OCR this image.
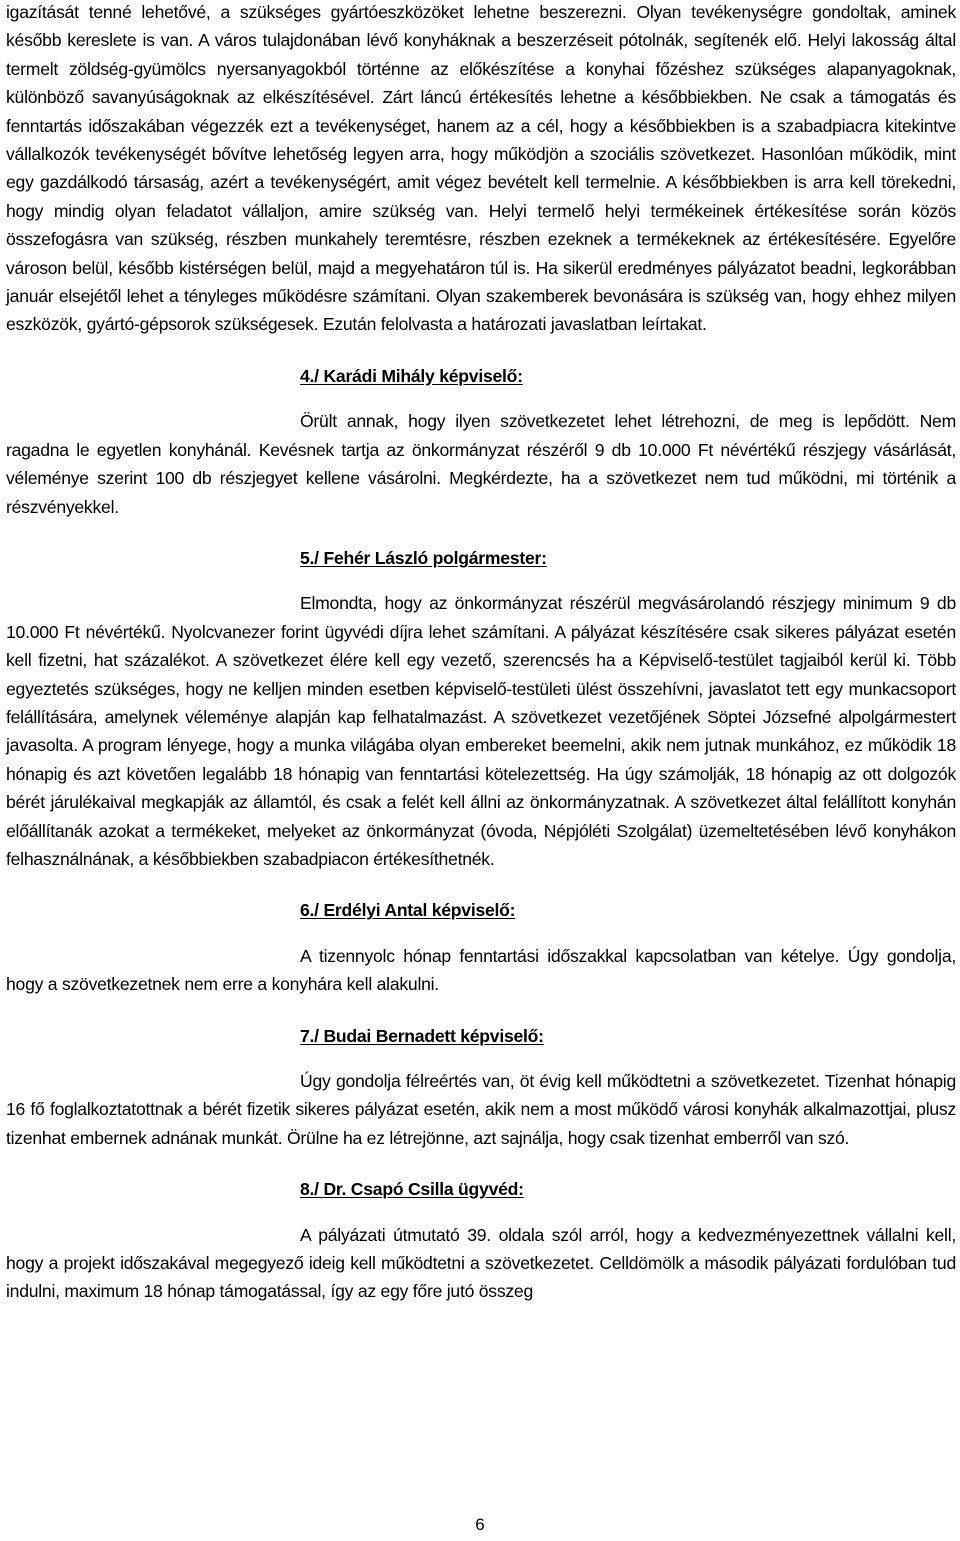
igazítását tenné lehetővé, a szükséges gyártóeszközöket lehetne beszerezni. Olyan tevékenységre gondoltak, aminek később kereslete is van. A város tulajdonában lévő konyháknak a beszerzéseit pótolnák, segítenék elő. Helyi lakosság által termelt zöldség-gyümölcs nyersanyagokból történne az előkészítése a konyhai főzéshez szükséges alapanyagoknak, különböző savanyúságoknak az elkészítésével. Zárt láncú értékesítés lehetne a későbbiekben. Ne csak a támogatás és fenntartás időszakában végezzék ezt a tevékenységet, hanem az a cél, hogy a későbbiekben is a szabadpiacra kitekintve vállalkozók tevékenységét bővítve lehetőség legyen arra, hogy működjön a szociális szövetkezet. Hasonlóan működik, mint egy gazdálkodó társaság, azért a tevékenységért, amit végez bevételt kell termelnie. A későbbiekben is arra kell törekedni, hogy mindig olyan feladatot vállaljon, amire szükség van. Helyi termelő helyi termékeinek értékesítése során közös összefogásra van szükség, részben munkahely teremtésre, részben ezeknek a termékeknek az értékesítésére. Egyelőre városon belül, később kistérségen belül, majd a megyehatáron túl is. Ha sikerül eredményes pályázatot beadni, legkorábban január elsejétől lehet a tényleges működésre számítani. Olyan szakemberek bevonására is szükség van, hogy ehhez milyen eszközök, gyártó-gépsorok szükségesek. Ezután felolvasta a határozati javaslatban leírtakat.

4./ Karádi Mihály képviselő:

Örült annak, hogy ilyen szövetkezetet lehet létrehozni, de meg is lepődött. Nem ragadna le egyetlen konyhánál. Kevésnek tartja az önkormányzat részéről 9 db 10.000 Ft névértékű részjegy vásárlását, véleménye szerint 100 db részjegyet kellene vásárolni. Megkérdezte, ha a szövetkezet nem tud működni, mi történik a részvényekkel.

5./ Fehér László polgármester:

Elmondta, hogy az önkormányzat részérül megvásárolandó részjegy minimum 9 db 10.000 Ft névértékű. Nyolcvanezer forint ügyvédi díjra lehet számítani. A pályázat készítésére csak sikeres pályázat esetén kell fizetni, hat százalékot. A szövetkezet élére kell egy vezető, szerencsés ha a Képviselő-testület tagjaiból kerül ki. Több egyeztetés szükséges, hogy ne kelljen minden esetben képviselő-testületi ülést összehívni, javaslatot tett egy munkacsoport felállítására, amelynek véleménye alapján kap felhatalmazást. A szövetkezet vezetőjének Söptei Józsefné alpolgármestert javasolta. A program lényege, hogy a munka világába olyan embereket beemelni, akik nem jutnak munkához, ez működik 18 hónapig és azt követően legalább 18 hónapig van fenntartási kötelezettség. Ha úgy számolják, 18 hónapig az ott dolgozók bérét járulékaival megkapják az államtól, és csak a felét kell állni az önkormányzatnak. A szövetkezet által felállított konyhán előállítanák azokat a termékeket, melyeket az önkormányzat (óvoda, Népjóléti Szolgálat) üzemeltetésében lévő konyhákon felhasználnának, a későbbiekben szabadpiacon értékesíthetnék.

6./ Erdélyi Antal képviselő:

A tizennyolc hónap fenntartási időszakkal kapcsolatban van kételye. Úgy gondolja, hogy a szövetkezetnek nem erre a konyhára kell alakulni.

7./ Budai Bernadett képviselő:

Úgy gondolja félreértés van, öt évig kell működtetni a szövetkezetet. Tizenhat hónapig 16 fő foglalkoztatottnak a bérét fizetik sikeres pályázat esetén, akik nem a most működő városi konyhák alkalmazottjai, plusz tizenhat embernek adnának munkát. Örülne ha ez létrejönne, azt sajnálja, hogy csak tizenhat emberről van szó.

8./ Dr. Csapó Csilla ügyvéd:

A pályázati útmutató 39. oldala szól arról, hogy a kedvezményezettnek vállalni kell, hogy a projekt időszakával megegyező ideig kell működtetni a szövetkezetet. Celldömölk a második pályázati fordulóban tud indulni, maximum 18 hónap támogatással, így az egy főre jutó összeg

6
